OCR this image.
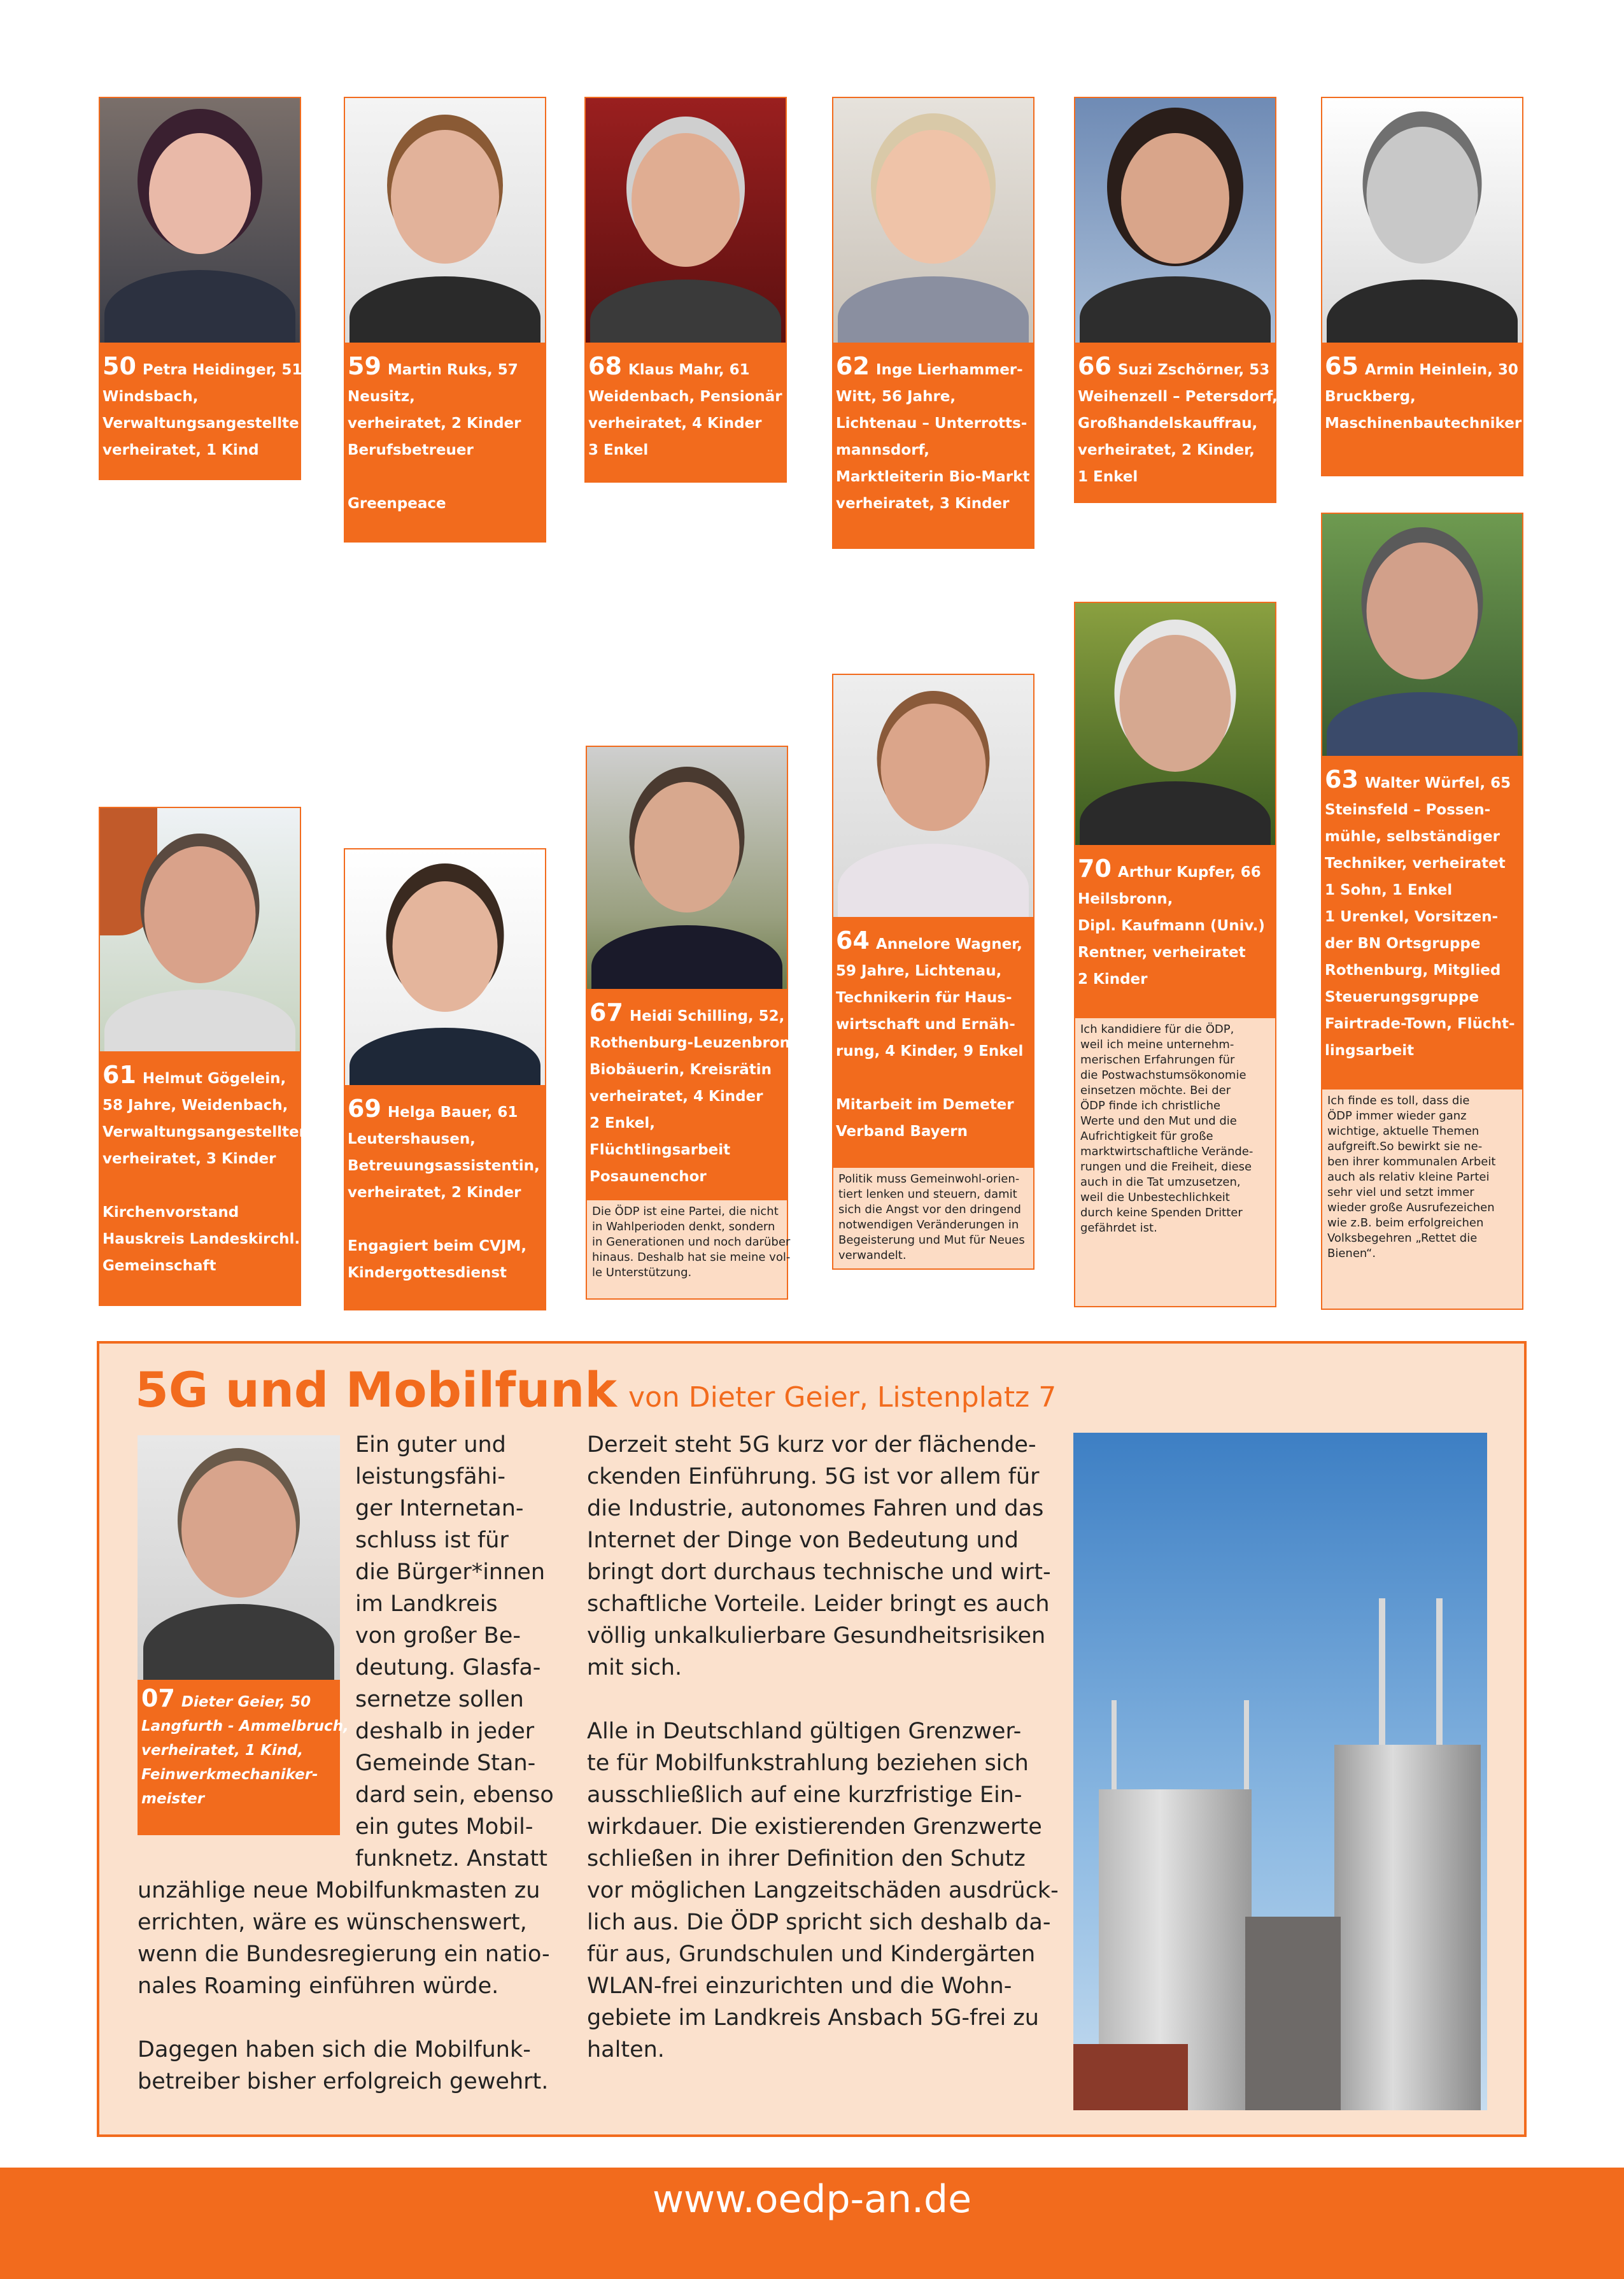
50 Petra Heidinger, 51
Windsbach,
Verwaltungsangestellte
verheiratet, 1 Kind
59 Martin Ruks, 57
Neusitz,
verheiratet, 2 Kinder
Berufsbetreuer
Greenpeace
68 Klaus Mahr, 61
Weidenbach, Pensionär
verheiratet, 4 Kinder
3 Enkel
62 Inge Lierhammer-
Witt, 56 Jahre,
Lichtenau – Unterrotts-
mannsdorf,
Marktleiterin Bio-Markt
verheiratet, 3 Kinder
66 Suzi Zschörner, 53
Weihenzell – Petersdorf,
Großhandelskauffrau,
verheiratet, 2 Kinder,
1 Enkel
65 Armin Heinlein, 30
Bruckberg,
Maschinenbautechniker
61 Helmut Gögelein,
58 Jahre, Weidenbach,
Verwaltungsangestellter
verheiratet, 3 Kinder
Kirchenvorstand
Hauskreis Landeskirchl.
Gemeinschaft
69 Helga Bauer, 61
Leutershausen,
Betreuungsassistentin,
verheiratet, 2 Kinder
Engagiert beim CVJM,
Kindergottesdienst
67 Heidi Schilling, 52,
Rothenburg-Leuzenbronn
Biobäuerin, Kreisrätin
verheiratet, 4 Kinder
2 Enkel,
Flüchtlingsarbeit
Posaunenchor
Die ÖDP ist eine Partei, die nicht
in Wahlperioden denkt, sondern
in Generationen und noch darüber
hinaus. Deshalb hat sie meine vol-
le Unterstützung.
64 Annelore Wagner,
59 Jahre, Lichtenau,
Technikerin für Haus-
wirtschaft und Ernäh-
rung, 4 Kinder, 9 Enkel
Mitarbeit im Demeter
Verband Bayern
Politik muss Gemeinwohl-orien-
tiert lenken und steuern, damit
sich die Angst vor den dringend
notwendigen Veränderungen in
Begeisterung und Mut für Neues
verwandelt.
70 Arthur Kupfer, 66
Heilsbronn,
Dipl. Kaufmann (Univ.)
Rentner, verheiratet
2 Kinder
Ich kandidiere für die ÖDP,
weil ich meine unternehm-
merischen Erfahrungen für
die Postwachstumsökonomie
einsetzen möchte. Bei der
ÖDP finde ich christliche
Werte und den Mut und die
Aufrichtigkeit für große
marktwirtschaftliche Verände-
rungen und die Freiheit, diese
auch in die Tat umzusetzen,
weil die Unbestechlichkeit
durch keine Spenden Dritter
gefährdet ist.
63 Walter Würfel, 65
Steinsfeld – Possen-
mühle, selbständiger
Techniker, verheiratet
1 Sohn, 1 Enkel
1 Urenkel, Vorsitzen-
der BN Ortsgruppe
Rothenburg, Mitglied
Steuerungsgruppe
Fairtrade-Town, Flücht-
lingsarbeit
Ich finde es toll, dass die
ÖDP immer wieder ganz
wichtige, aktuelle Themen
aufgreift.So bewirkt sie ne-
ben ihrer kommunalen Arbeit
auch als relativ kleine Partei
sehr viel und setzt immer
wieder große Ausrufezeichen
wie z.B. beim erfolgreichen
Volksbegehren „Rettet die
Bienen“.
5G und Mobilfunk von Dieter Geier, Listenplatz 7
07 Dieter Geier, 50
Langfurth - Ammelbruch,
verheiratet, 1 Kind,
Feinwerkmechaniker-
meister
Ein guter und
leistungsfähi-
ger Internetan-
schluss ist für
die Bürger*innen
im Landkreis
von großer Be-
deutung. Glasfa-
sernetze sollen
deshalb in jeder
Gemeinde Stan-
dard sein, ebenso
ein gutes Mobil-
funknetz. Anstatt
unzählige neue Mobilfunkmasten zu
errichten, wäre es wünschenswert,
wenn die Bundesregierung ein natio-
nales Roaming einführen würde.
Dagegen haben sich die Mobilfunk-
betreiber bisher erfolgreich gewehrt.
Derzeit steht 5G kurz vor der flächende-
ckenden Einführung. 5G ist vor allem für
die Industrie, autonomes Fahren und das
Internet der Dinge von Bedeutung und
bringt dort durchaus technische und wirt-
schaftliche Vorteile. Leider bringt es auch
völlig unkalkulierbare Gesundheitsrisiken
mit sich.
Alle in Deutschland gültigen Grenzwer-
te für Mobilfunkstrahlung beziehen sich
ausschließlich auf eine kurzfristige Ein-
wirkdauer. Die existierenden Grenzwerte
schließen in ihrer Definition den Schutz
vor möglichen Langzeitschäden ausdrück-
lich aus. Die ÖDP spricht sich deshalb da-
für aus, Grundschulen und Kindergärten
WLAN-frei einzurichten und die Wohn-
gebiete im Landkreis Ansbach 5G-frei zu
halten.
www.oedp-an.de
